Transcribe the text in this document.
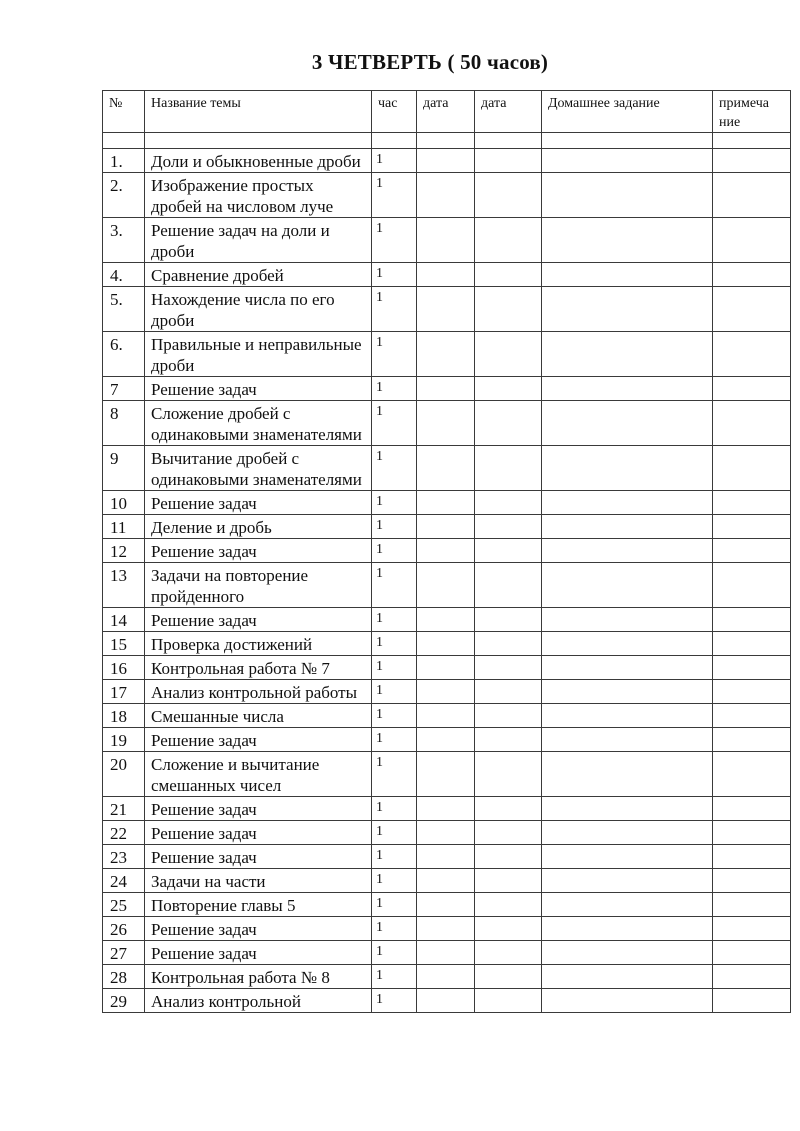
3 ЧЕТВЕРТЬ ( 50 часов)
№	Название темы	час	дата	дата	Домашнее задание	примеча ние

1.	Доли и обыкновенные дроби	1				
2.	Изображение простых дробей на числовом луче	1				
3.	Решение задач на доли и дроби	1				
4.	Сравнение дробей	1				
5.	Нахождение числа по его дроби	1				
6.	Правильные и неправильные дроби	1				
7	Решение задач	1				
8	Сложение дробей с одинаковыми знаменателями	1				
9	Вычитание дробей с одинаковыми знаменателями	1				
10	Решение задач	1				
11	Деление и дробь	1				
12	Решение задач	1				
13	Задачи на повторение пройденного	1				
14	Решение задач	1				
15	Проверка достижений	1				
16	Контрольная работа № 7	1				
17	Анализ контрольной работы	1				
18	Смешанные числа	1				
19	Решение задач	1				
20	Сложение и вычитание смешанных чисел	1				
21	Решение задач	1				
22	Решение задач	1				
23	Решение задач	1				
24	Задачи на части	1				
25	Повторение главы 5	1				
26	Решение задач	1				
27	Решение задач	1				
28	Контрольная работа № 8	1				
29	Анализ контрольной	1				
